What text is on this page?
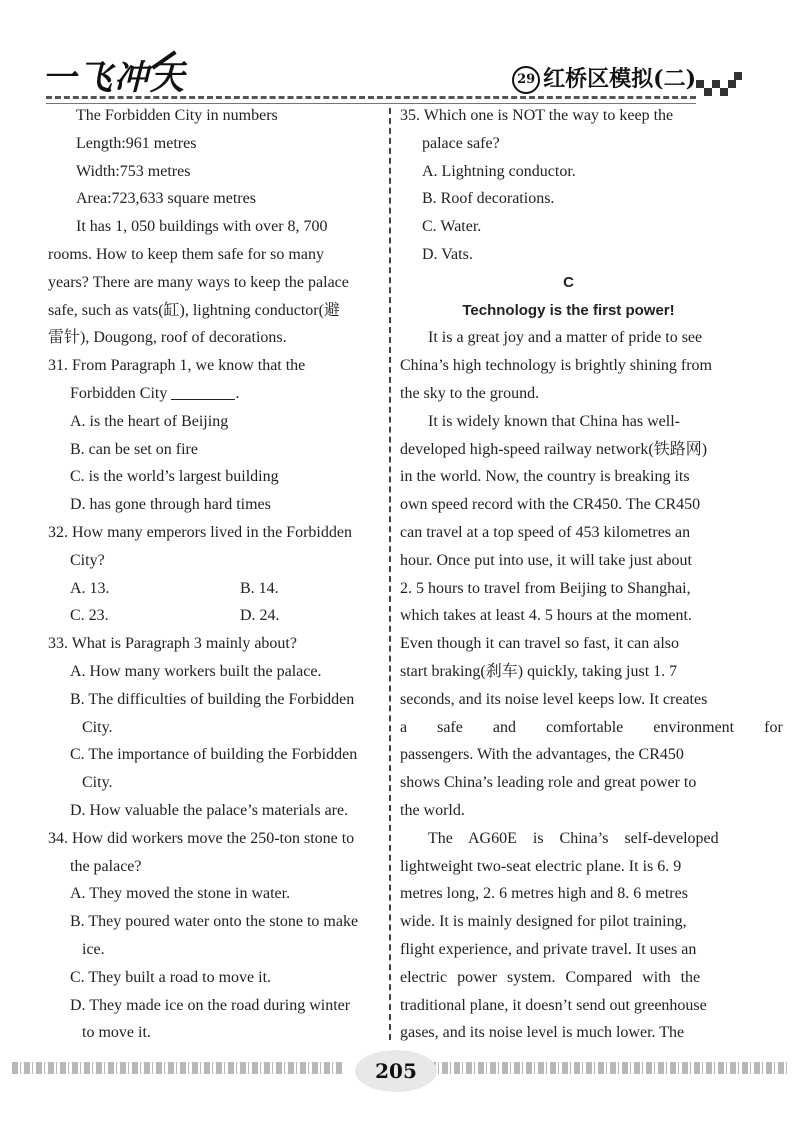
一飞冲天	29 红桥区模拟(二)
The Forbidden City in numbers
Length:961 metres
Width:753 metres
Area:723,633 square metres
It has 1, 050 buildings with over 8, 700
rooms. How to keep them safe for so many
years? There are many ways to keep the palace
safe, such as vats(缸), lightning conductor(避
雷针), Dougong, roof of decorations.
31. From Paragraph 1, we know that the
Forbidden City	.
A. is the heart of Beijing
B. can be set on fire
C. is the world’s largest building
D. has gone through hard times
32. How many emperors lived in the Forbidden
City?
A. 13.	B. 14.
C. 23.	D. 24.
33. What is Paragraph 3 mainly about?
A. How many workers built the palace.
B. The difficulties of building the Forbidden
City.
C. The importance of building the Forbidden
City.
D. How valuable the palace’s materials are.
34. How did workers move the 250-ton stone to
the palace?
A. They moved the stone in water.
B. They poured water onto the stone to make
ice.
C. They built a road to move it.
D. They made ice on the road during winter
to move it.
35. Which one is NOT the way to keep the
palace safe?
A. Lightning conductor.
B. Roof decorations.
C. Water.
D. Vats.
C
Technology is the first power!
It is a great joy and a matter of pride to see
China’s high technology is brightly shining from
the sky to the ground.
It is widely known that China has well-
developed high-speed railway network(铁路网)
in the world. Now, the country is breaking its
own speed record with the CR450. The CR450
can travel at a top speed of 453 kilometres an
hour. Once put into use, it will take just about
2. 5 hours to travel from Beijing to Shanghai,
which takes at least 4. 5 hours at the moment.
Even though it can travel so fast, it can also
start braking(刹车) quickly, taking just 1. 7
seconds, and its noise level keeps low. It creates
a safe and comfortable environment for
passengers. With the advantages, the CR450
shows China’s leading role and great power to
the world.
The AG60E is China’s self-developed
lightweight two-seat electric plane. It is 6. 9
metres long, 2. 6 metres high and 8. 6 metres
wide. It is mainly designed for pilot training,
flight experience, and private travel. It uses an
electric power system. Compared with the
traditional plane, it doesn’t send out greenhouse
gases, and its noise level is much lower. The
205
